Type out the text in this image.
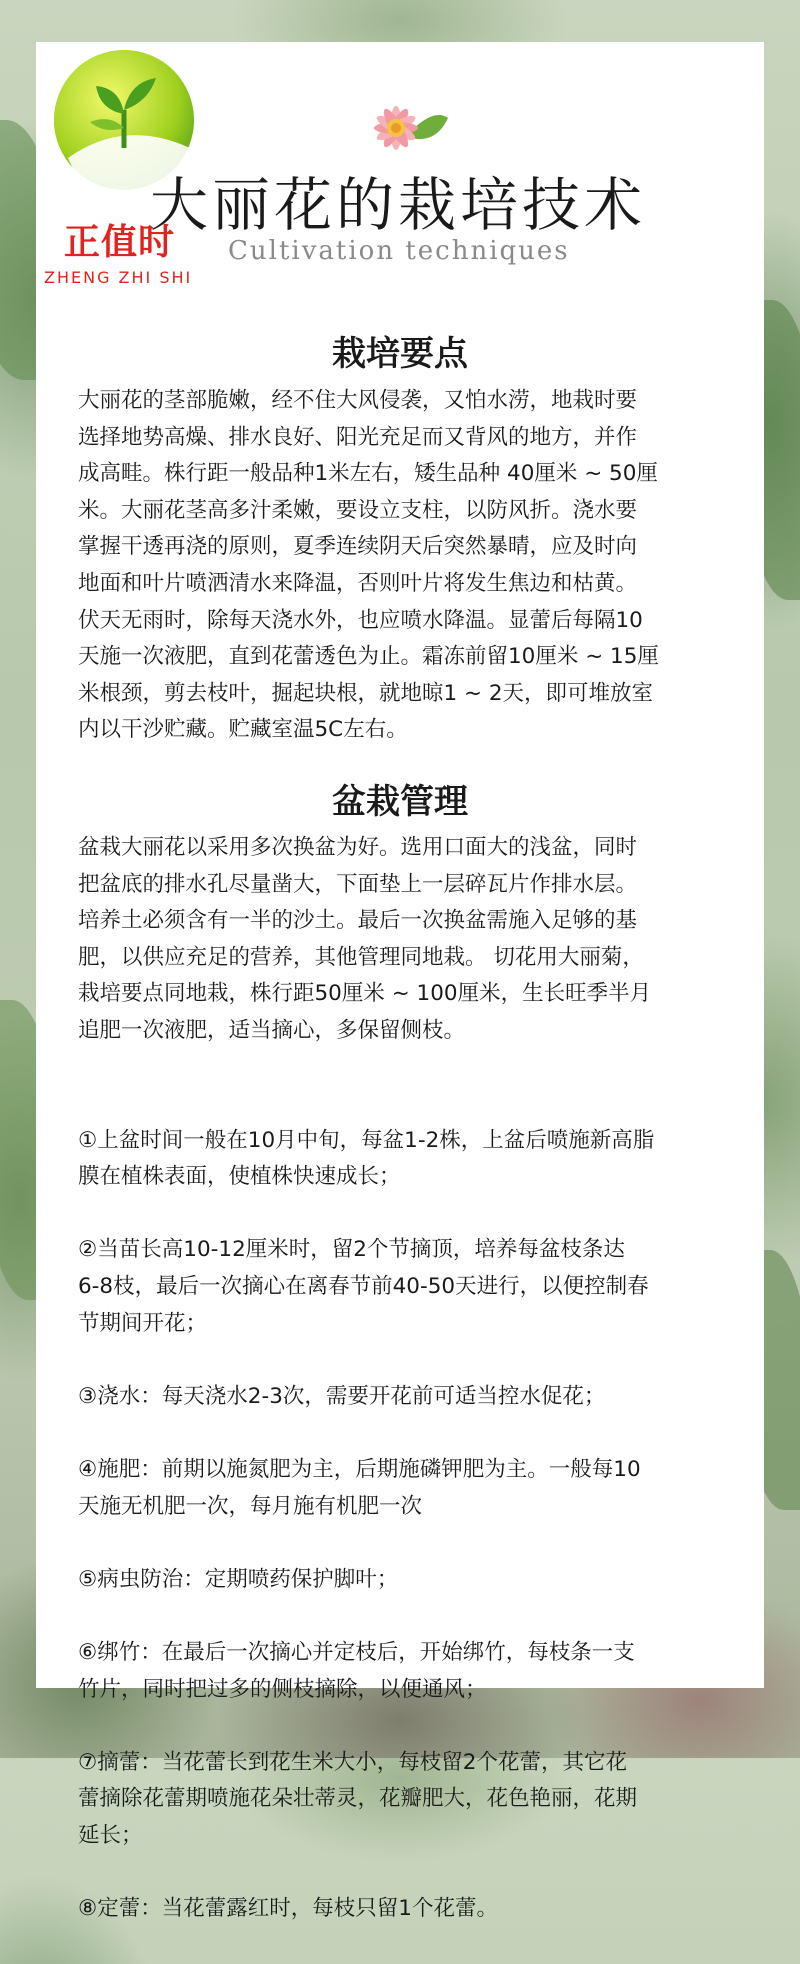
正值时
ZHENG ZHI SHI
大丽花的栽培技术
Cultivation techniques
栽培要点
大丽花的茎部脆嫩，经不住大风侵袭，又怕水涝，地栽时要
选择地势高燥、排水良好、阳光充足而又背风的地方，并作
成高畦。株行距一般品种1米左右，矮生品种 40厘米 ~ 50厘
米。大丽花茎高多汁柔嫩，要设立支柱，以防风折。浇水要
掌握干透再浇的原则，夏季连续阴天后突然暴晴，应及时向
地面和叶片喷洒清水来降温，否则叶片将发生焦边和枯黄。
伏天无雨时，除每天浇水外，也应喷水降温。显蕾后每隔10
天施一次液肥，直到花蕾透色为止。霜冻前留10厘米 ~ 15厘
米根颈，剪去枝叶，掘起块根，就地晾1 ~ 2天，即可堆放室
内以干沙贮藏。贮藏室温5C左右。
盆栽管理
盆栽大丽花以采用多次换盆为好。选用口面大的浅盆，同时
把盆底的排水孔尽量凿大，下面垫上一层碎瓦片作排水层。
培养土必须含有一半的沙土。最后一次换盆需施入足够的基
肥，以供应充足的营养，其他管理同地栽。 切花用大丽菊，
栽培要点同地栽，株行距50厘米 ~ 100厘米，生长旺季半月
追肥一次液肥，适当摘心，多保留侧枝。

①上盆时间一般在10月中旬，每盆1-2株，上盆后喷施新高脂
膜在植株表面，使植株快速成长；

②当苗长高10-12厘米时，留2个节摘顶，培养每盆枝条达
6-8枝，最后一次摘心在离春节前40-50天进行，以便控制春
节期间开花；

③浇水：每天浇水2-3次，需要开花前可适当控水促花；

④施肥：前期以施氮肥为主，后期施磷钾肥为主。一般每10
天施无机肥一次，每月施有机肥一次

⑤病虫防治：定期喷药保护脚叶；

⑥绑竹：在最后一次摘心并定枝后，开始绑竹，每枝条一支
竹片，同时把过多的侧枝摘除，以便通风；

⑦摘蕾：当花蕾长到花生米大小，每枝留2个花蕾，其它花
蕾摘除花蕾期喷施花朵壮蒂灵，花瓣肥大，花色艳丽，花期
延长；

⑧定蕾：当花蕾露红时，每枝只留1个花蕾。
